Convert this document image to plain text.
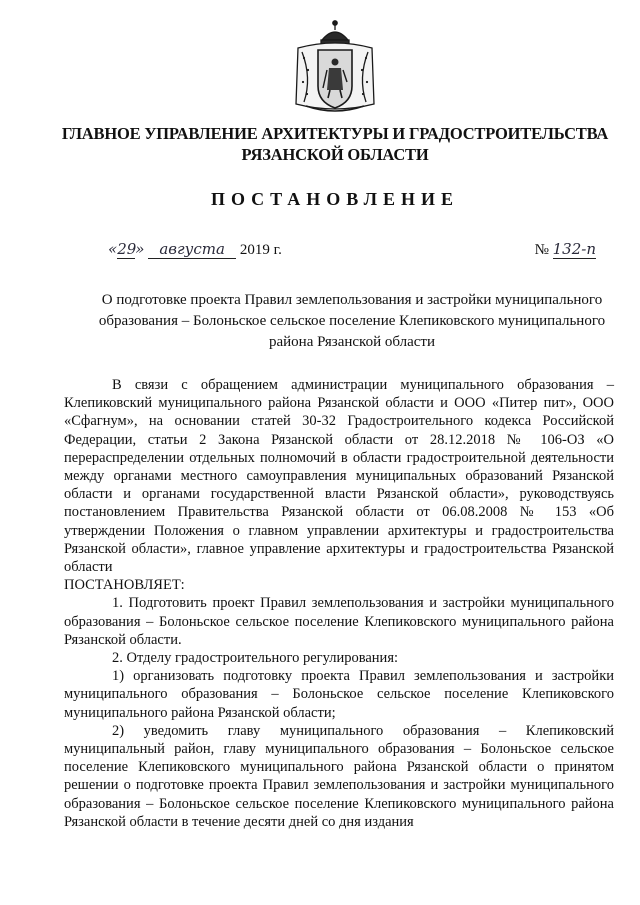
ГЛАВНОЕ УПРАВЛЕНИЕ АРХИТЕКТУРЫ И ГРАДОСТРОИТЕЛЬСТВА
РЯЗАНСКОЙ ОБЛАСТИ
ПОСТАНОВЛЕНИЕ
«29» августа 2019 г.	№ 132-п
О подготовке проекта Правил землепользования и застройки муниципального
образования – Болоньское сельское поселение Клепиковского муниципального
района Рязанской области

В связи с обращением администрации муниципального образования – Клепиковский муниципального района Рязанской области и ООО «Питер пит», ООО «Сфагнум», на основании статей 30-32 Градостроительного кодекса Российской Федерации, статьи 2 Закона Рязанской области от 28.12.2018 № 106-ОЗ «О перераспределении отдельных полномочий в области градостроительной деятельности между органами местного самоуправления муниципальных образований Рязанской области и органами государственной власти Рязанской области», руководствуясь постановлением Правительства Рязанской области от 06.08.2008 № 153 «Об утверждении Положения о главном управлении архитектуры и градостроительства Рязанской области», главное управление архитектуры и градостроительства Рязанской области

ПОСТАНОВЛЯЕТ:

1. Подготовить проект Правил землепользования и застройки муниципального образования – Болоньское сельское поселение Клепиковского муниципального района Рязанской области.

2. Отделу градостроительного регулирования:

1) организовать подготовку проекта Правил землепользования и застройки муниципального образования – Болоньское сельское поселение Клепиковского муниципального района Рязанской области;

2) уведомить главу муниципального образования – Клепиковский муниципальный район, главу муниципального образования – Болоньское сельское поселение Клепиковского муниципального района Рязанской области о принятом решении о подготовке проекта Правил землепользования и застройки муниципального образования – Болоньское сельское поселение Клепиковского муниципального района Рязанской области в течение десяти дней со дня издания
